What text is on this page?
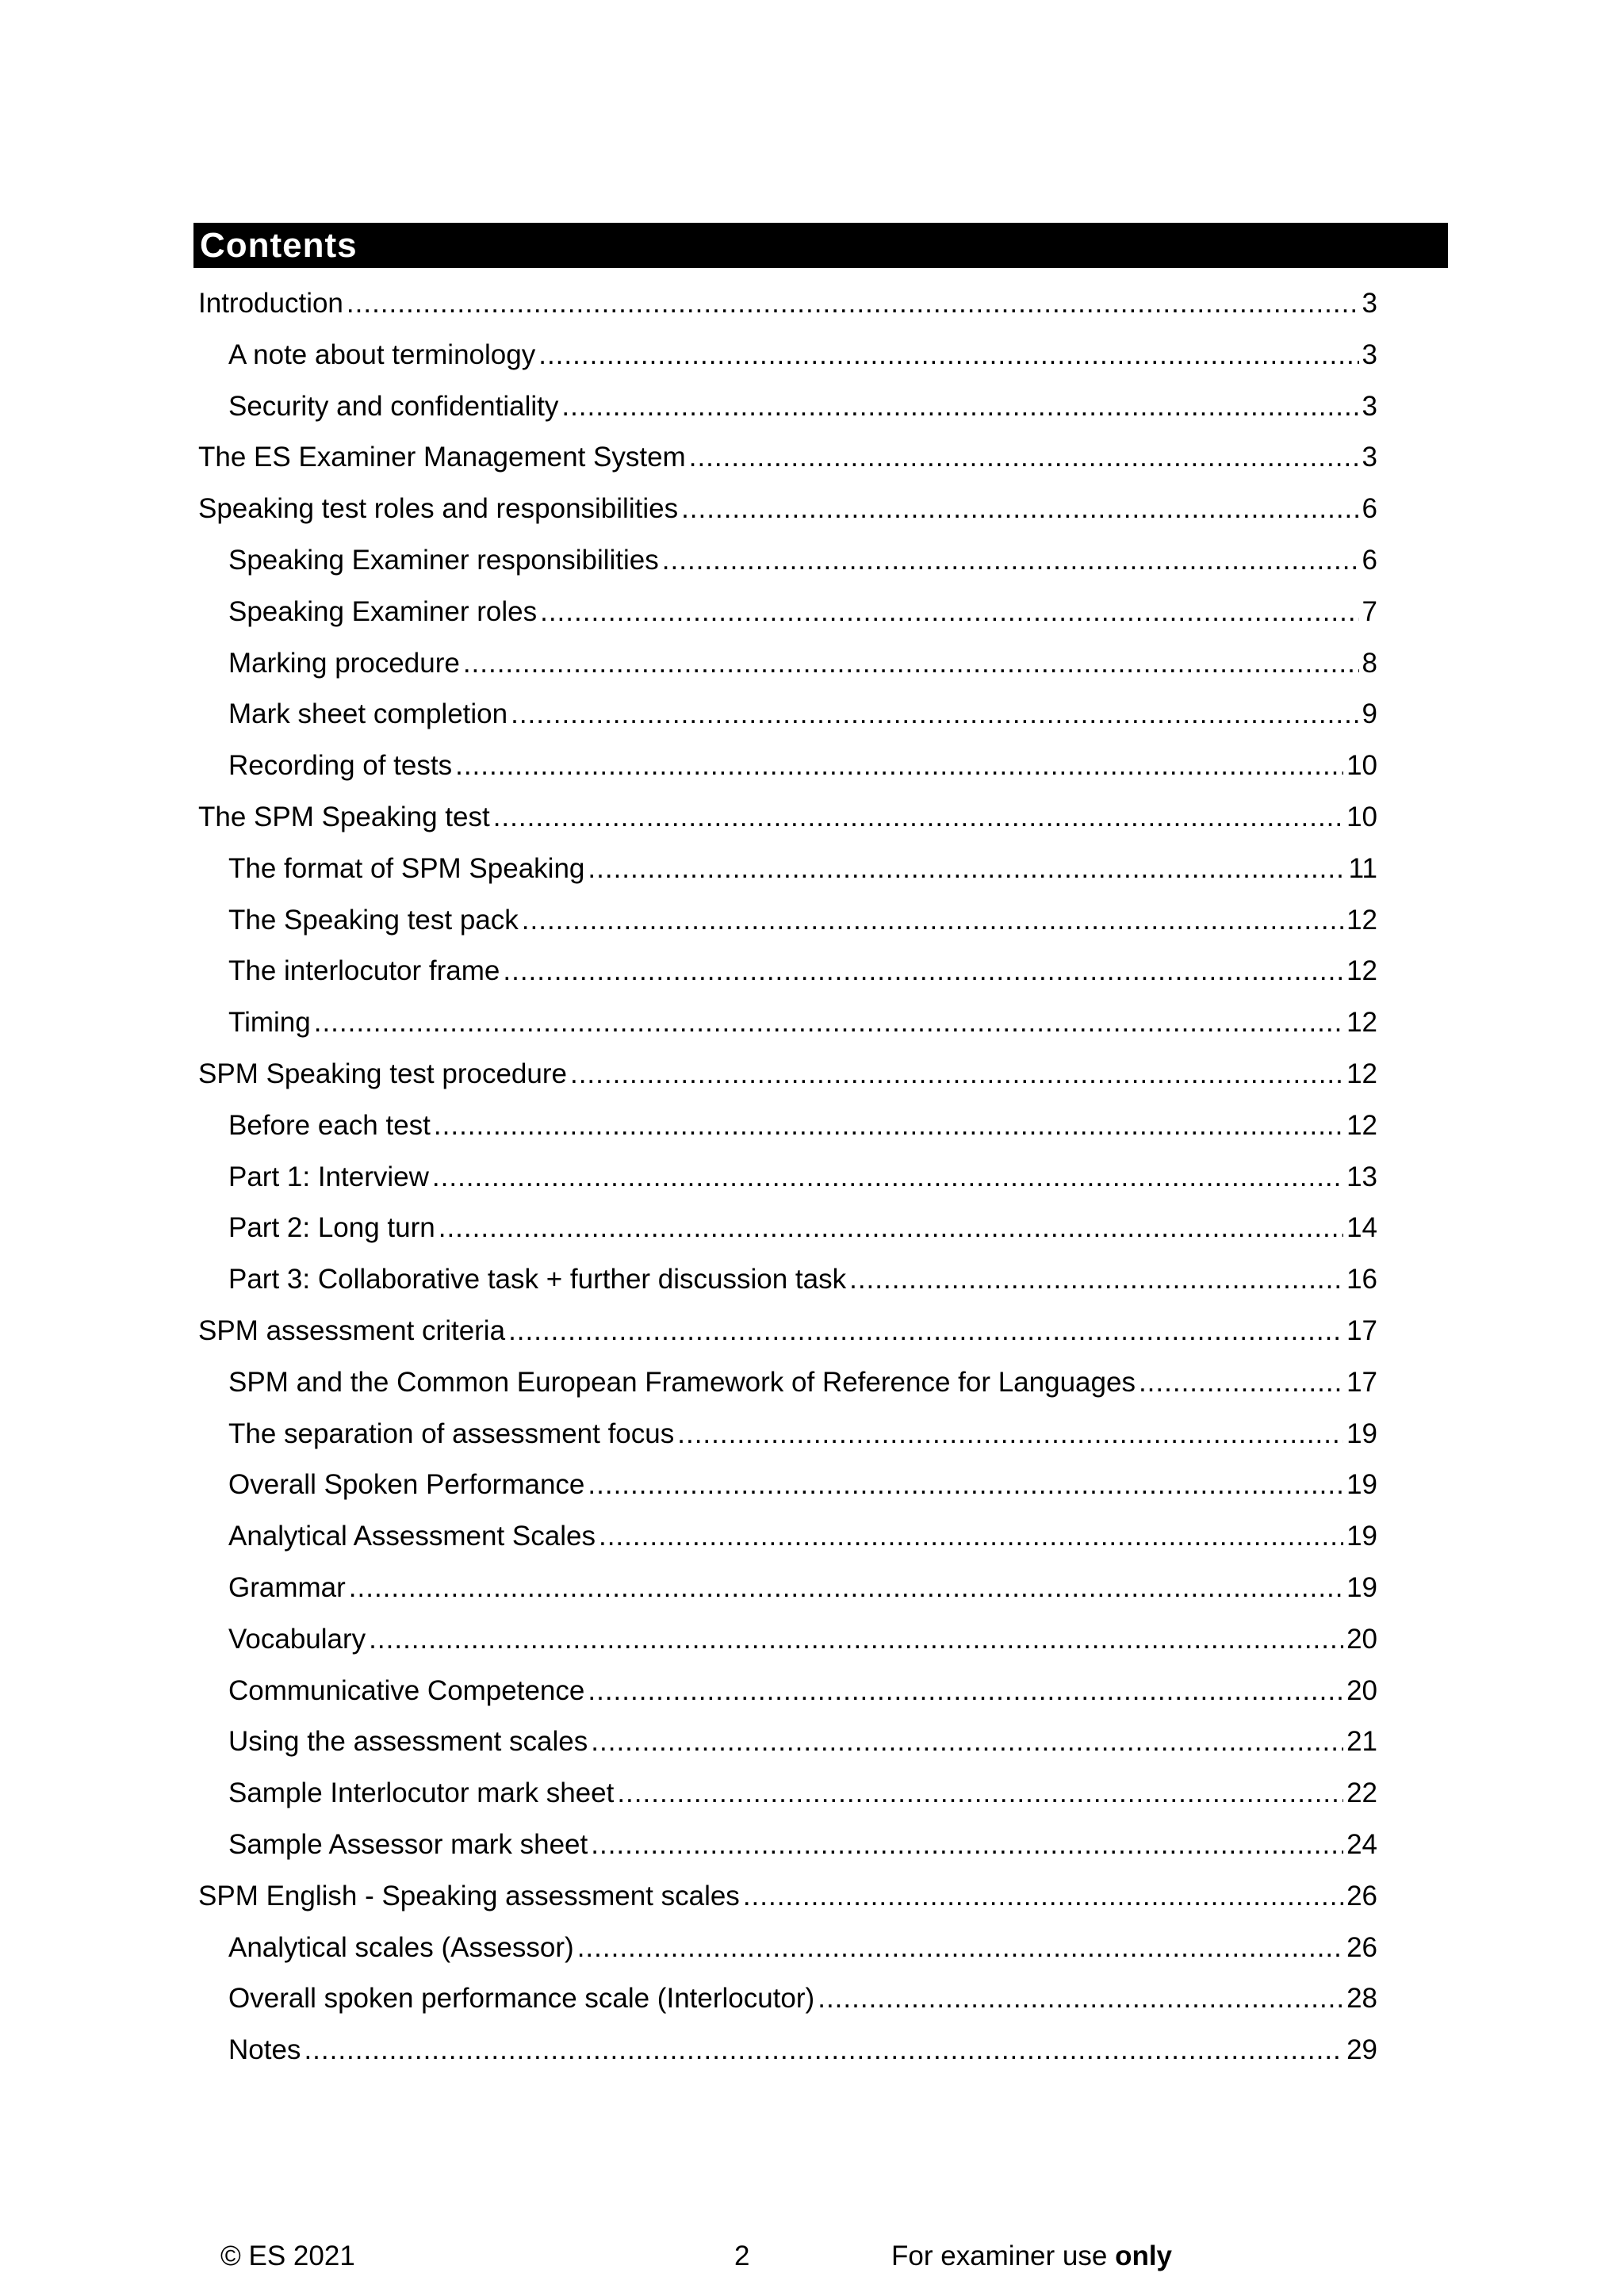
Contents
Introduction .....	3
A note about terminology .....	3
Security and confidentiality .....	3
The ES Examiner Management System .....	3
Speaking test roles and responsibilities .....	6
Speaking Examiner responsibilities .....	6
Speaking Examiner roles .....	7
Marking procedure .....	8
Mark sheet completion .....	9
Recording of tests .....	10
The SPM Speaking test .....	10
The format of SPM Speaking .....	11
The Speaking test pack .....	12
The interlocutor frame .....	12
Timing .....	12
SPM Speaking test procedure .....	12
Before each test .....	12
Part 1: Interview .....	13
Part 2: Long turn .....	14
Part 3: Collaborative task + further discussion task .....	16
SPM assessment criteria .....	17
SPM and the Common European Framework of Reference for Languages .....	17
The separation of assessment focus .....	19
Overall Spoken Performance .....	19
Analytical Assessment Scales .....	19
Grammar .....	19
Vocabulary .....	20
Communicative Competence .....	20
Using the assessment scales .....	21
Sample Interlocutor mark sheet .....	22
Sample Assessor mark sheet .....	24
SPM English - Speaking assessment scales .....	26
Analytical scales (Assessor) .....	26
Overall spoken performance scale (Interlocutor) .....	28
Notes .....	29
© ES 2021	2	For examiner use only
